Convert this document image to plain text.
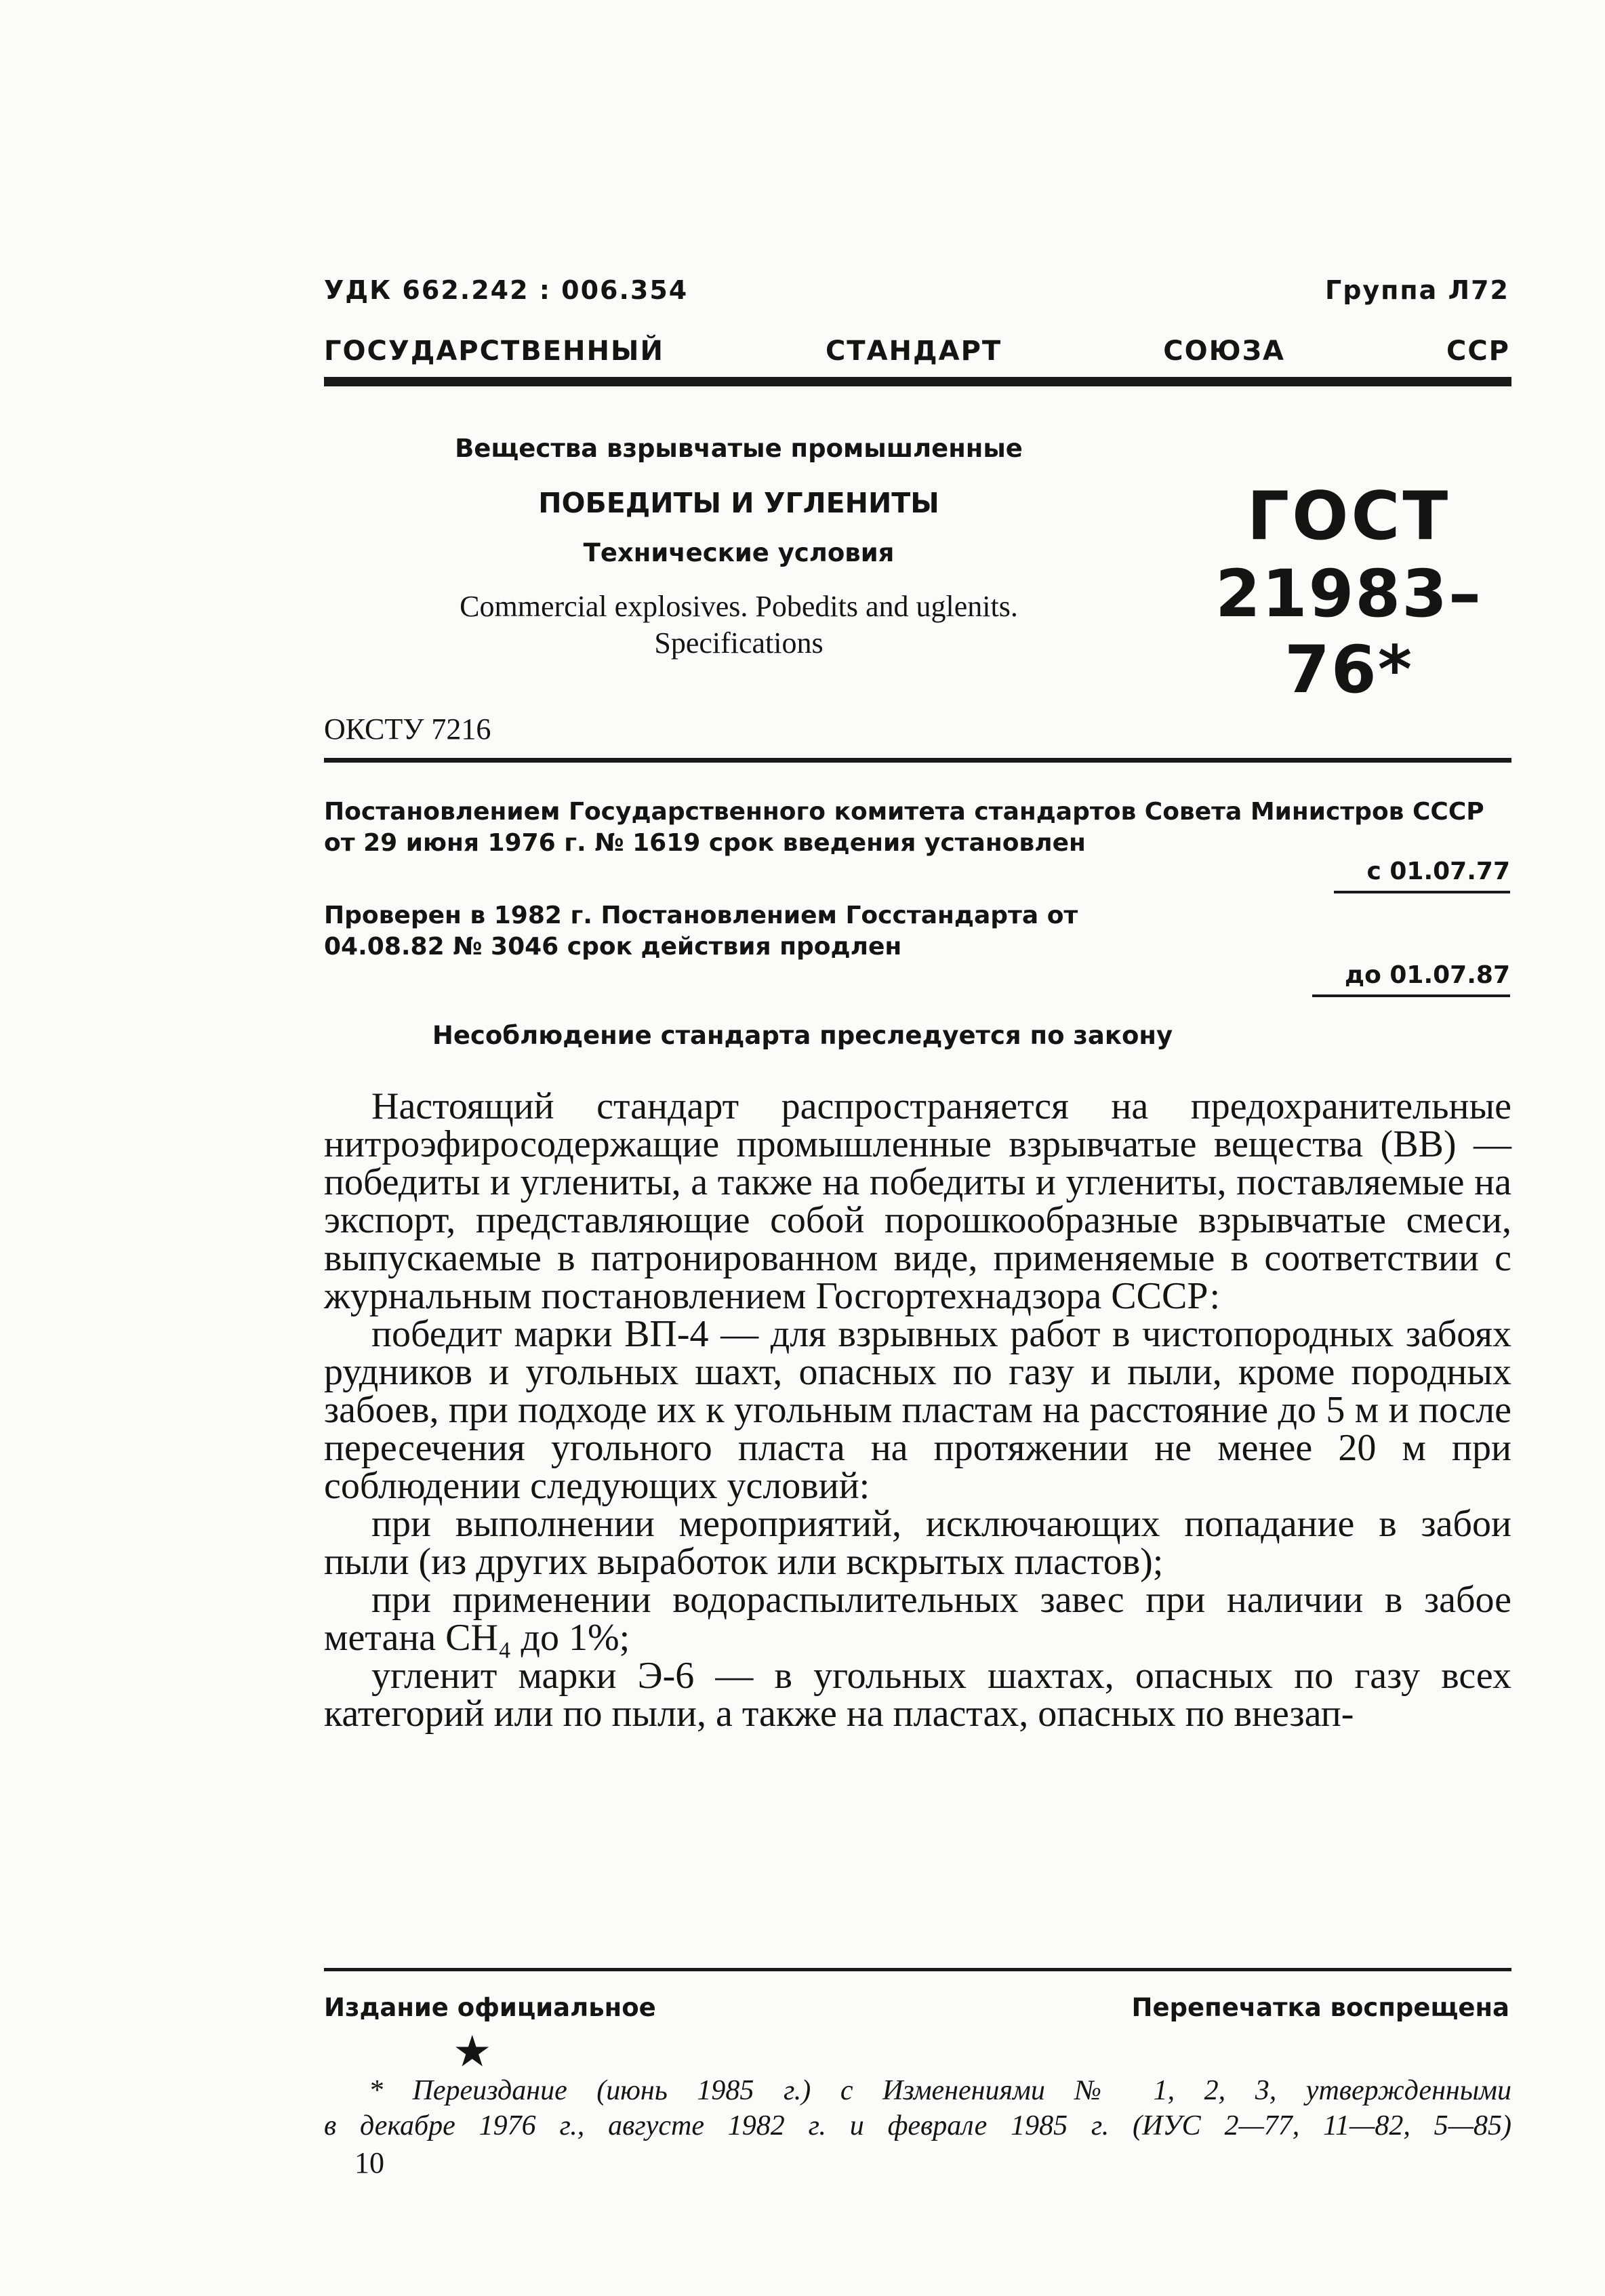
УДК 662.242 : 006.354	Группа Л72
ГОСУДАРСТВЕННЫЙ	СТАНДАРТ	СОЮЗА	ССР
Вещества взрывчатые промышленные
ПОБЕДИТЫ И УГЛЕНИТЫ
Технические условия
Commercial explosives. Pobedits and uglenits.
Specifications
ГОСТ
21983–76*
ОКСТУ 7216
Постановлением Государственного комитета стандартов Совета Министров СССР от 29 июня 1976 г. № 1619 срок введения установлен
с 01.07.77
Проверен в 1982 г. Постановлением Госстандарта от 04.08.82 № 3046 срок действия продлен
до 01.07.87
Несоблюдение стандарта преследуется по закону

Настоящий стандарт распространяется на предохранительные нитроэфиросодержащие промышленные взрывчатые вещества (ВВ) — победиты и углениты, а также на победиты и углениты, поставляемые на экспорт, представляющие собой порошкообразные взрывчатые смеси, выпускаемые в патронированном виде, применяемые в соответствии с журнальным постановлением Госгортехнадзора СССР:

победит марки ВП-4 — для взрывных работ в чистопородных забоях рудников и угольных шахт, опасных по газу и пыли, кроме породных забоев, при подходе их к угольным пластам на расстояние до 5 м и после пересечения угольного пласта на протяжении не менее 20 м при соблюдении следующих условий:

при выполнении мероприятий, исключающих попадание в забои пыли (из других выработок или вскрытых пластов);

при применении водораспылительных завес при наличии в забое метана СН₄ до 1%;

угленит марки Э-6 — в угольных шахтах, опасных по газу всех категорий или по пыли, а также на пластах, опасных по внезап-

Издание официальное	Перепечатка воспрещена
★
* Переиздание (июнь 1985 г.) с Изменениями № 1, 2, 3, утвержденными
в декабре 1976 г., августе 1982 г. и феврале 1985 г. (ИУС 2—77, 11—82, 5—85)
10
